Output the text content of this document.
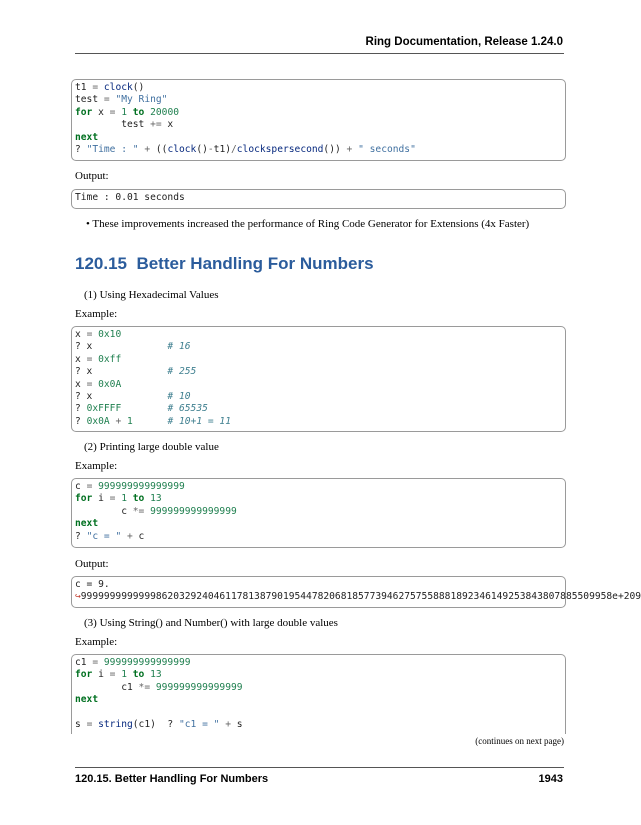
Ring Documentation, Release 1.24.0
t1 = clock()
test = "My Ring"
for x = 1 to 20000
test += x
next
? "Time : " + ((clock()-t1)/clockspersecond()) + " seconds"
Output:
Time : 0.01 seconds
• These improvements increased the performance of Ring Code Generator for Extensions (4x Faster)
120.15 Better Handling For Numbers
(1) Using Hexadecimal Values
Example:
x = 0x10
? x	# 16
x = 0xff
? x	# 255
x = 0x0A
? x	# 10
? 0xFFFF	# 65535
? 0x0A + 1	# 10+1 = 11
(2) Printing large double value
Example:
c = 999999999999999
for i = 1 to 13
c *= 999999999999999
next
? "c = " + c
Output:
c = 9.
↪99999999999998620329240461178138790195447820681857739462757558881892346149253843807885509958e+209
(3) Using String() and Number() with large double values
Example:
c1 = 999999999999999
for i = 1 to 13
c1 *= 999999999999999
next

s = string(c1)  ? "c1 = " + s
(continues on next page)
120.15. Better Handling For Numbers	1943
